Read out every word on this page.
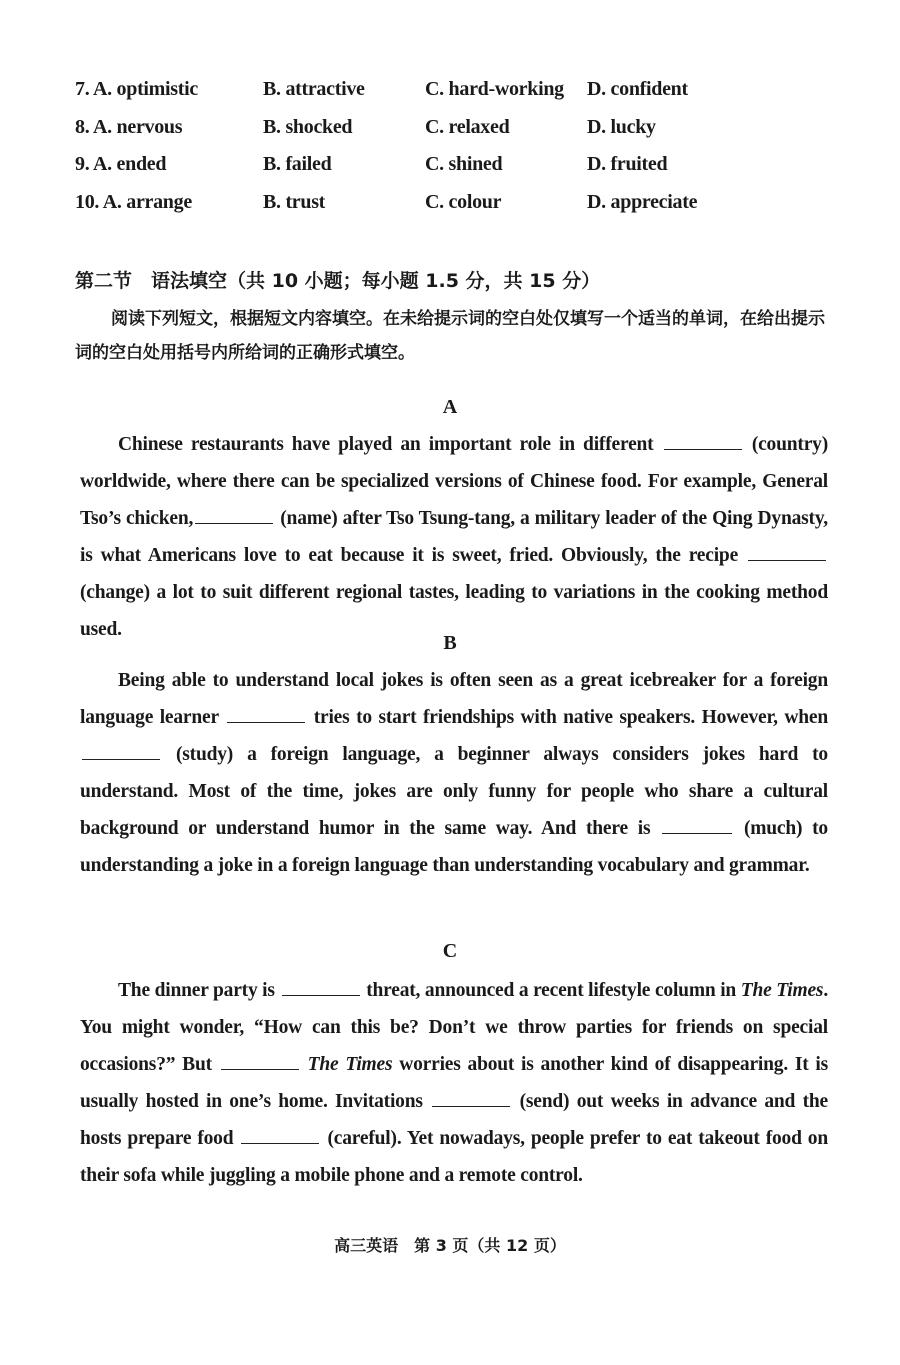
7. A. optimistic	B. attractive	C. hard-working D. confident
8. A. nervous	B. shocked	C. relaxed	D. lucky
9. A. ended	B. failed	C. shined	D. fruited
10. A. arrange	B. trust	C. colour	D. appreciate
第二节　语法填空（共 10 小题；每小题 1.5 分，共 15 分）
阅读下列短文，根据短文内容填空。在未给提示词的空白处仅填写一个适当的单词，在给出提示词的空白处用括号内所给词的正确形式填空。
A
Chinese restaurants have played an important role in different	(country) worldwide, where there can be specialized versions of Chinese food. For example, General Tso’s chicken,	(name) after Tso Tsung-tang, a military leader of the Qing Dynasty, is what Americans love to eat because it is sweet, fried. Obviously, the recipe  (change) a lot to suit different regional tastes, leading to variations in the cooking method used.
B
Being able to understand local jokes is often seen as a great icebreaker for a foreign language learner	tries to start friendships with native speakers. However, when  (study) a foreign language, a beginner always considers jokes hard to understand. Most of the time, jokes are only funny for people who share a cultural background or understand humor in the same way. And there is	(much) to understanding a joke in a foreign language than understanding vocabulary and grammar.
C
The dinner party is	threat, announced a recent lifestyle column in The Times. You might wonder, “How can this be? Don’t we throw parties for friends on special occasions?” But	The Times worries about is another kind of disappearing. It is usually hosted in one’s home. Invitations	(send) out weeks in advance and the hosts prepare food	(careful). Yet nowadays, people prefer to eat takeout food on their sofa while juggling a mobile phone and a remote control.
高三英语　第 3 页（共 12 页）
